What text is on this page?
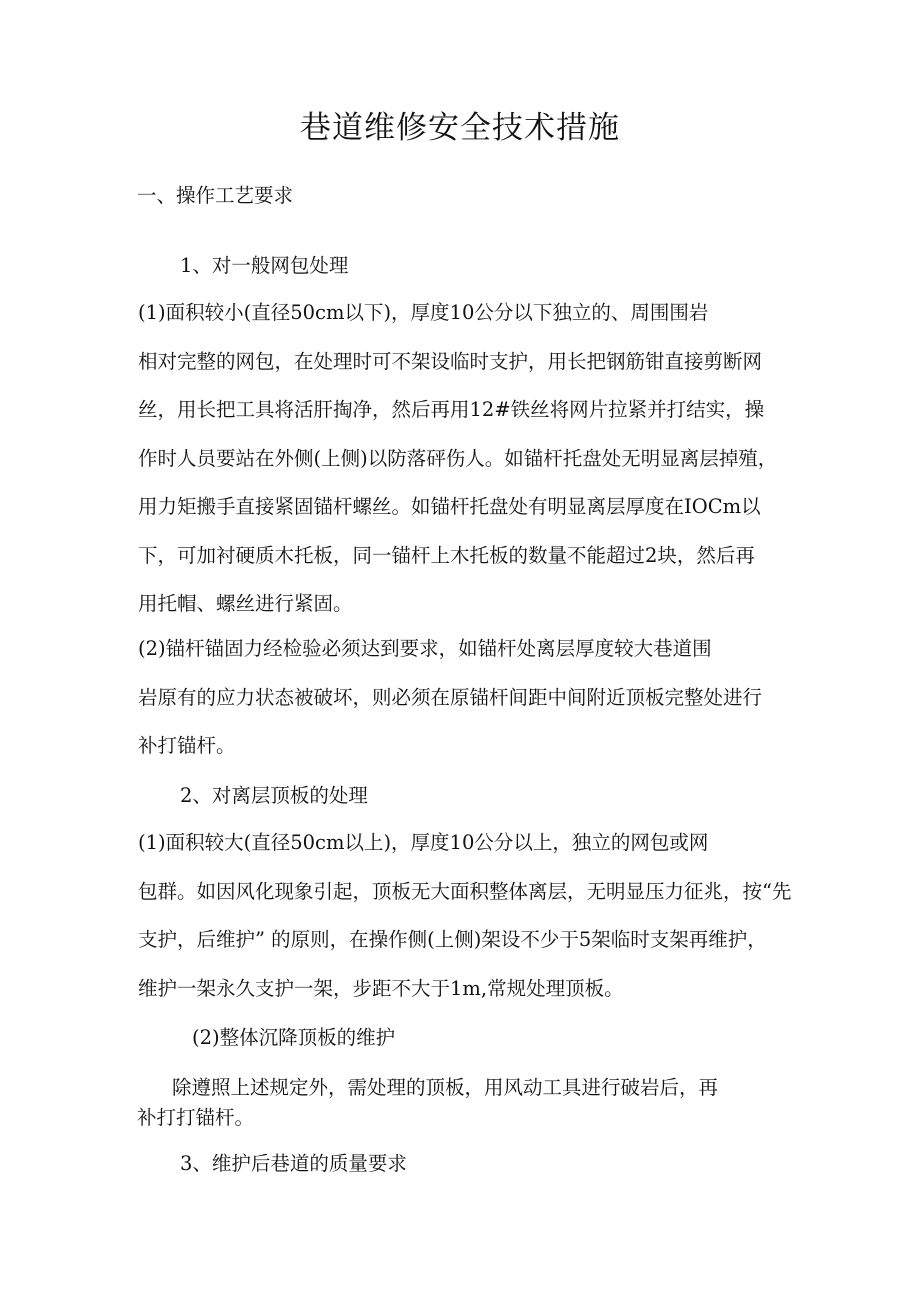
巷道维修安全技术措施
一、操作工艺要求
1、对一般网包处理
(1)面积较小(直径50cm以下)，厚度10公分以下独立的、周围围岩
相对完整的网包，在处理时可不架设临时支护，用长把钢筋钳直接剪断网
丝，用长把工具将活肝掏净，然后再用12#铁丝将网片拉紧并打结实，操
作时人员要站在外侧(上侧)以防落砰伤人。如锚杆托盘处无明显离层掉殖，
用力矩搬手直接紧固锚杆螺丝。如锚杆托盘处有明显离层厚度在IOCm以
下，可加衬硬质木托板，同一锚杆上木托板的数量不能超过2块，然后再
用托帽、螺丝进行紧固。
(2)锚杆锚固力经检验必须达到要求，如锚杆处离层厚度较大巷道围
岩原有的应力状态被破坏，则必须在原锚杆间距中间附近顶板完整处进行
补打锚杆。
2、对离层顶板的处理
(1)面积较大(直径50cm以上)，厚度10公分以上，独立的网包或网
包群。如因风化现象引起，顶板无大面积整体离层，无明显压力征兆，按“先
支护，后维护” 的原则，在操作侧(上侧)架设不少于5架临时支架再维护，
维护一架永久支护一架，步距不大于1m,常规处理顶板。
(2)整体沉降顶板的维护
除遵照上述规定外，需处理的顶板，用风动工具进行破岩后，再
补打打锚杆。
3、维护后巷道的质量要求
